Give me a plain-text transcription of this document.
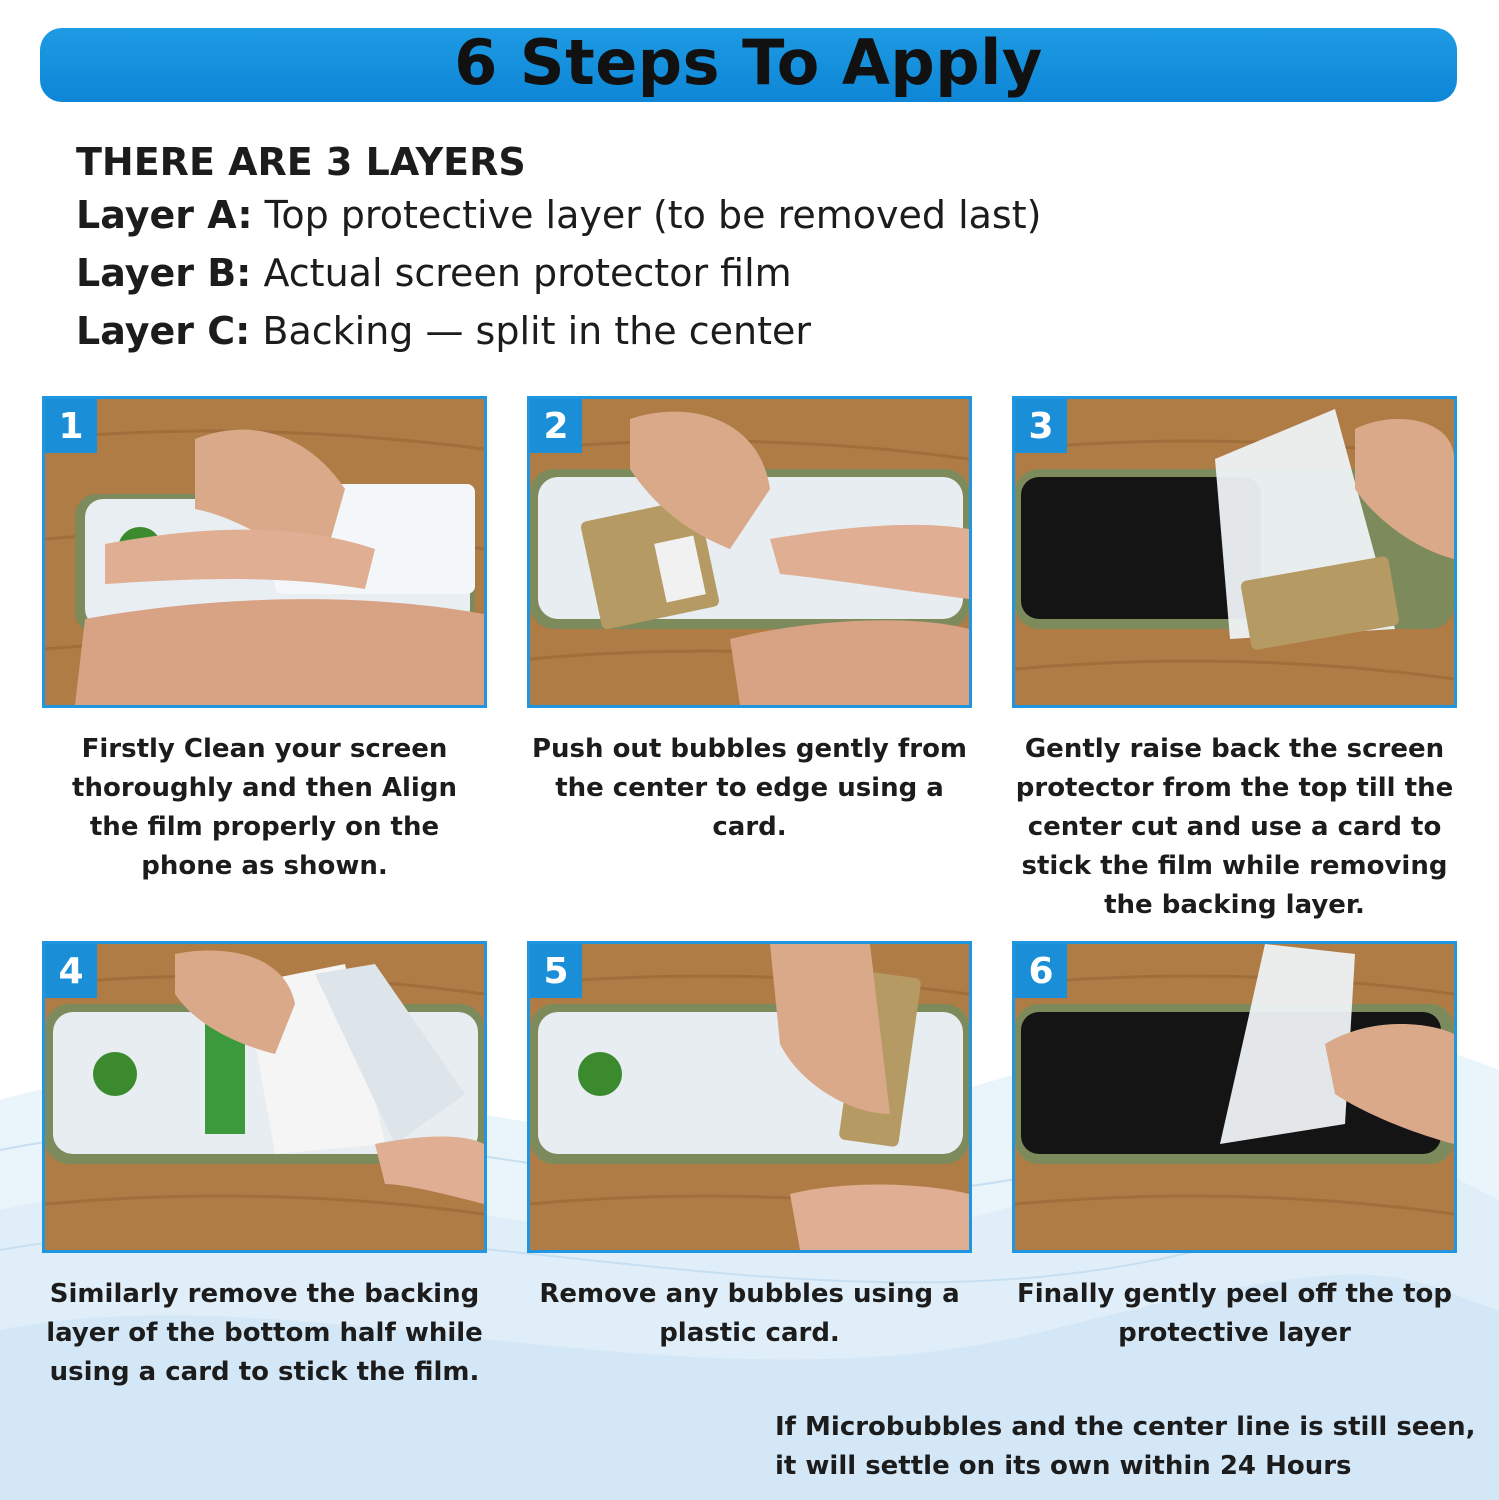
6 Steps To Apply
THERE ARE 3 LAYERS
Layer A: Top protective layer (to be removed last)
Layer B: Actual screen protector film
Layer C: Backing — split in the center
1
Firstly Clean your screen thoroughly and then Align the film properly on the phone as shown.
2
Push out bubbles gently from the center to edge using a card.
3
Gently raise back the screen protector from the top till the center cut and use a card to stick the film while removing the backing layer.
4
Similarly remove the backing layer of the bottom half while using a card to stick the film.
5
Remove any bubbles using a plastic card.
6
Finally gently peel off the top protective layer
If Microbubbles and the center line is still seen,
it will settle on its own within 24 Hours
